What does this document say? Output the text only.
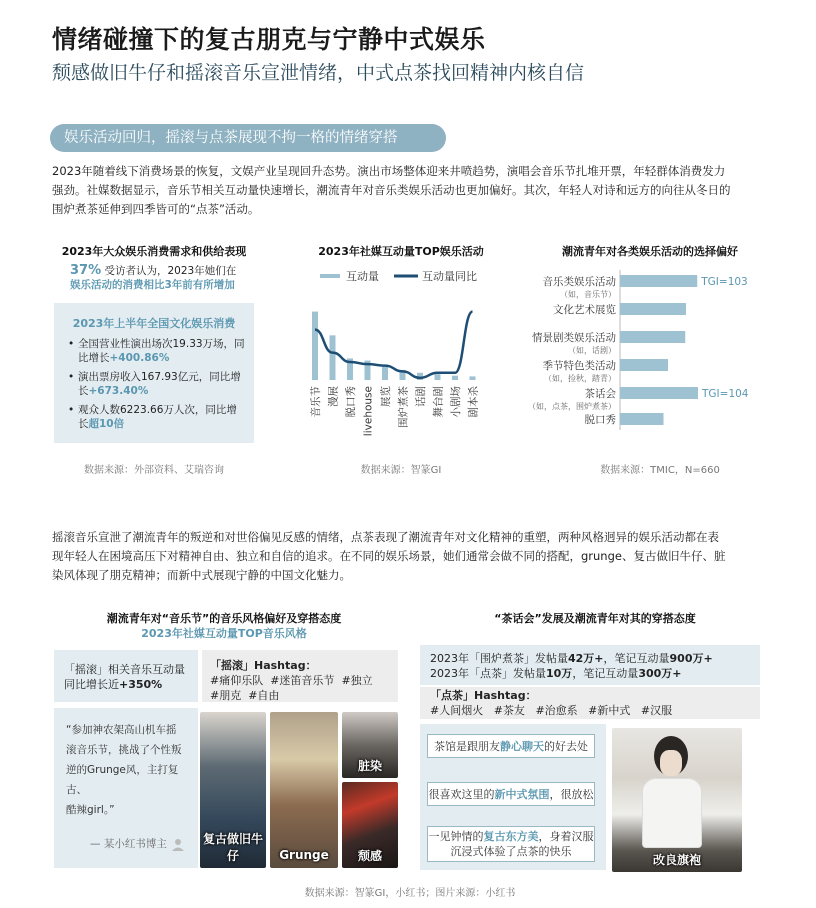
情绪碰撞下的复古朋克与宁静中式娱乐
颓感做旧牛仔和摇滚音乐宣泄情绪，中式点茶找回精神内核自信
娱乐活动回归，摇滚与点茶展现不拘一格的情绪穿搭
2023年随着线下消费场景的恢复，文娱产业呈现回升态势。演出市场整体迎来井喷趋势，演唱会音乐节扎堆开票，年轻群体消费发力
强劲。社媒数据显示，音乐节相关互动量快速增长，潮流青年对音乐类娱乐活动也更加偏好。其次，年轻人对诗和远方的向往从冬日的
围炉煮茶延伸到四季皆可的“点茶”活动。
2023年大众娱乐消费需求和供给表现
37% 受访者认为，2023年她们在
娱乐活动的消费相比3年前有所增加
2023年上半年全国文化娱乐消费
• 全国营业性演出场次19.33万场，同比增长+400.86%
• 演出票房收入167.93亿元，同比增长+673.40%
• 观众人数6223.66万人次，同比增长超10倍
数据来源：外部资料、艾瑞咨询
2023年社媒互动量TOP娱乐活动
互动量	互动量同比
音乐节 漫展 脱口秀 livehouse 展览 围炉煮茶 话剧 舞台剧 小剧场 剧本杀
数据来源：智篆GI
潮流青年对各类娱乐活动的选择偏好
音乐类娱乐活动
（如，音乐节）
TGI=103
文化艺术展览
情景剧类娱乐活动
（如，话剧）
季节特色类活动
（如，捡秋，踏青）
茶话会
（如，点茶，围炉煮茶）
TGI=104
脱口秀
数据来源：TMIC，N=660
摇滚音乐宣泄了潮流青年的叛逆和对世俗偏见反感的情绪，点茶表现了潮流青年对文化精神的重塑，两种风格迥异的娱乐活动都在表
现年轻人在困境高压下对精神自由、独立和自信的追求。在不同的娱乐场景，她们通常会做不同的搭配，grunge、复古做旧牛仔、脏
染风体现了朋克精神；而新中式展现宁静的中国文化魅力。
潮流青年对“音乐节”的音乐风格偏好及穿搭态度
2023年社媒互动量TOP音乐风格
「摇滚」相关音乐互动量
同比增长近+350%
「摇滚」Hashtag：
#痛仰乐队 #迷笛音乐节 #独立
#朋克 #自由
“参加神农架高山机车摇
滚音乐节，挑战了个性叛
逆的Grunge风，主打复古、
酷辣girl。”
— 某小红书博主	复古做旧牛仔	Grunge
脏染
颓感
“茶话会”发展及潮流青年对其的穿搭态度
2023年「围炉煮茶」发帖量42万+，笔记互动量900万+
2023年「点茶」发帖量10万，笔记互动量300万+
「点茶」Hashtag：
#人间烟火 #茶友 #治愈系 #新中式 #汉服
茶馆是跟朋友 静心聊天 的好去处
很喜欢这里的 新中式氛围 ，很放松
一见钟情的复古东方美，身着汉服
沉浸式体验了点茶的快乐
改良旗袍
数据来源：智篆GI，小红书；图片来源：小红书
